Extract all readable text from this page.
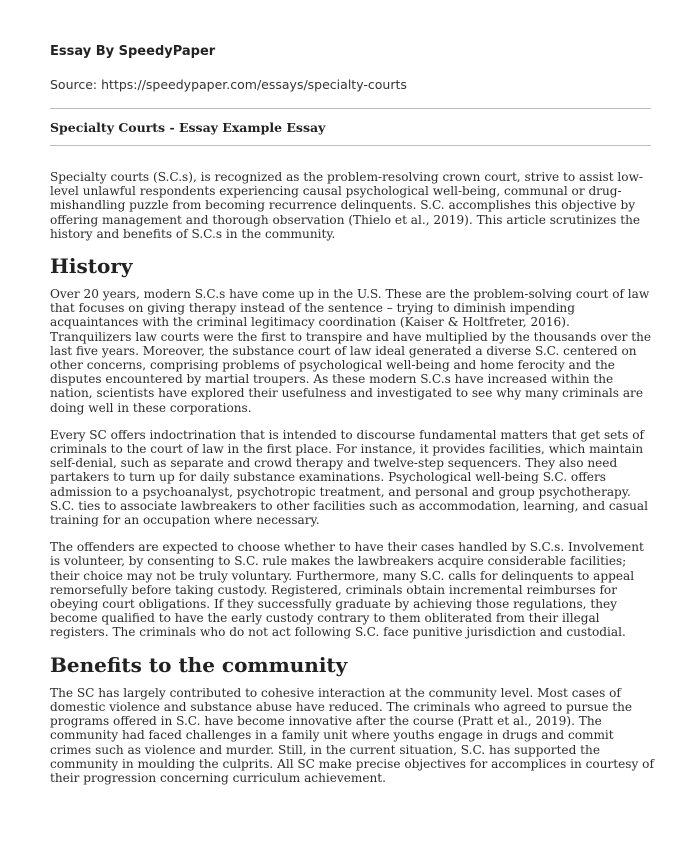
Essay By SpeedyPaper
Source: https://speedypaper.com/essays/specialty-courts
Specialty Courts - Essay Example Essay

Specialty courts (S.C.s), is recognized as the problem-resolving crown court, strive to assist low-level unlawful respondents experiencing causal psychological well-being, communal or drug-mishandling puzzle from becoming recurrence delinquents. S.C. accomplishes this objective by offering management and thorough observation (Thielo et al., 2019). This article scrutinizes the history and benefits of S.C.s in the community.

History

Over 20 years, modern S.C.s have come up in the U.S. These are the problem-solving court of law that focuses on giving therapy instead of the sentence – trying to diminish impending acquaintances with the criminal legitimacy coordination (Kaiser & Holtfreter, 2016). Tranquilizers law courts were the first to transpire and have multiplied by the thousands over the last five years. Moreover, the substance court of law ideal generated a diverse S.C. centered on other concerns, comprising problems of psychological well-being and home ferocity and the disputes encountered by martial troupers. As these modern S.C.s have increased within the nation, scientists have explored their usefulness and investigated to see why many criminals are doing well in these corporations.

Every SC offers indoctrination that is intended to discourse fundamental matters that get sets of criminals to the court of law in the first place. For instance, it provides facilities, which maintain self-denial, such as separate and crowd therapy and twelve-step sequencers. They also need partakers to turn up for daily substance examinations. Psychological well-being S.C. offers admission to a psychoanalyst, psychotropic treatment, and personal and group psychotherapy. S.C. ties to associate lawbreakers to other facilities such as accommodation, learning, and casual training for an occupation where necessary.

The offenders are expected to choose whether to have their cases handled by S.C.s. Involvement is volunteer, by consenting to S.C. rule makes the lawbreakers acquire considerable facilities; their choice may not be truly voluntary. Furthermore, many S.C. calls for delinquents to appeal remorsefully before taking custody. Registered, criminals obtain incremental reimburses for obeying court obligations. If they successfully graduate by achieving those regulations, they become qualified to have the early custody contrary to them obliterated from their illegal registers. The criminals who do not act following S.C. face punitive jurisdiction and custodial.

Benefits to the community

The SC has largely contributed to cohesive interaction at the community level. Most cases of domestic violence and substance abuse have reduced. The criminals who agreed to pursue the programs offered in S.C. have become innovative after the course (Pratt et al., 2019). The community had faced challenges in a family unit where youths engage in drugs and commit crimes such as violence and murder. Still, in the current situation, S.C. has supported the community in moulding the culprits. All SC make precise objectives for accomplices in courtesy of their progression concerning curriculum achievement.
